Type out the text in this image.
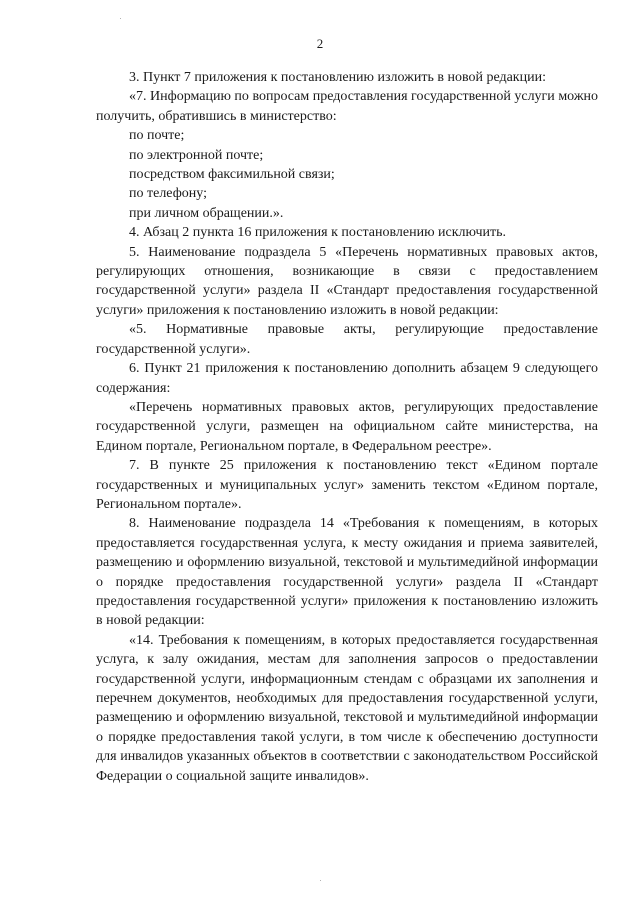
2

3. Пункт 7 приложения к постановлению изложить в новой редакции:

«7. Информацию по вопросам предоставления государственной услуги можно получить, обратившись в министерство:

по почте;

по электронной почте;

посредством факсимильной связи;

по телефону;

при личном обращении.».

4. Абзац 2 пункта 16 приложения к постановлению исключить.

5. Наименование подраздела 5 «Перечень нормативных правовых актов, регулирующих отношения, возникающие в связи с предоставлением государственной услуги» раздела II «Стандарт предоставления государственной услуги» приложения к постановлению изложить в новой редакции:

«5. Нормативные правовые акты, регулирующие предоставление государственной услуги».

6. Пункт 21 приложения к постановлению дополнить абзацем 9 следующего содержания:

«Перечень нормативных правовых актов, регулирующих предоставление государственной услуги, размещен на официальном сайте министерства, на Едином портале, Региональном портале, в Федеральном реестре».

7. В пункте 25 приложения к постановлению текст «Едином портале государственных и муниципальных услуг» заменить текстом «Едином портале, Региональном портале».

8. Наименование подраздела 14 «Требования к помещениям, в которых предоставляется государственная услуга, к месту ожидания и приема заявителей, размещению и оформлению визуальной, текстовой и мультимедийной информации о порядке предоставления государственной услуги» раздела II «Стандарт предоставления государственной услуги» приложения к постановлению изложить в новой редакции:

«14. Требования к помещениям, в которых предоставляется государственная услуга, к залу ожидания, местам для заполнения запросов о предоставлении государственной услуги, информационным стендам с образцами их заполнения и перечнем документов, необходимых для предоставления государственной услуги, размещению и оформлению визуальной, текстовой и мультимедийной информации о порядке предоставления такой услуги, в том числе к обеспечению доступности для инвалидов указанных объектов в соответствии с законодательством Российской Федерации о социальной защите инвалидов».
